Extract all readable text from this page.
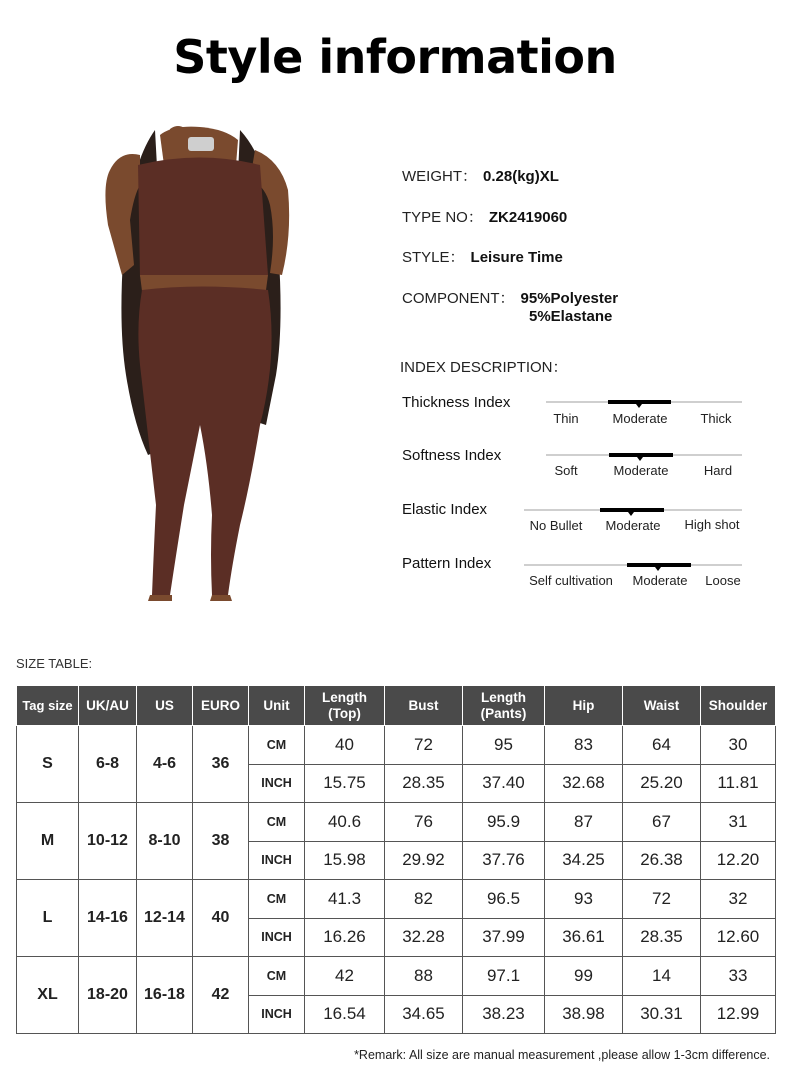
Style information
WEIGHT： 0.28(kg)XL
TYPE NO： ZK2419060
STYLE： Leisure Time
COMPONENT： 95%Polyester
5%Elastane
INDEX DESCRIPTION：
Thickness Index
Thin	Moderate	Thick
Softness Index
Soft	Moderate	Hard
Elastic Index
No Bullet	Moderate	High shot
Pattern Index
Self cultivation	Moderate	Loose
SIZE TABLE:
Tag size	UK/AU	US	EURO	Unit	Length (Top)	Bust	Length (Pants)	Hip	Waist	Shoulder
S	6-8	4-6	36	CM	40	72	95	83	64	30
				INCH	15.75	28.35	37.40	32.68	25.20	11.81
M	10-12	8-10	38	CM	40.6	76	95.9	87	67	31
				INCH	15.98	29.92	37.76	34.25	26.38	12.20
L	14-16	12-14	40	CM	41.3	82	96.5	93	72	32
				INCH	16.26	32.28	37.99	36.61	28.35	12.60
XL	18-20	16-18	42	CM	42	88	97.1	99	14	33
				INCH	16.54	34.65	38.23	38.98	30.31	12.99
*Remark: All size are manual measurement ,please allow 1-3cm difference.
